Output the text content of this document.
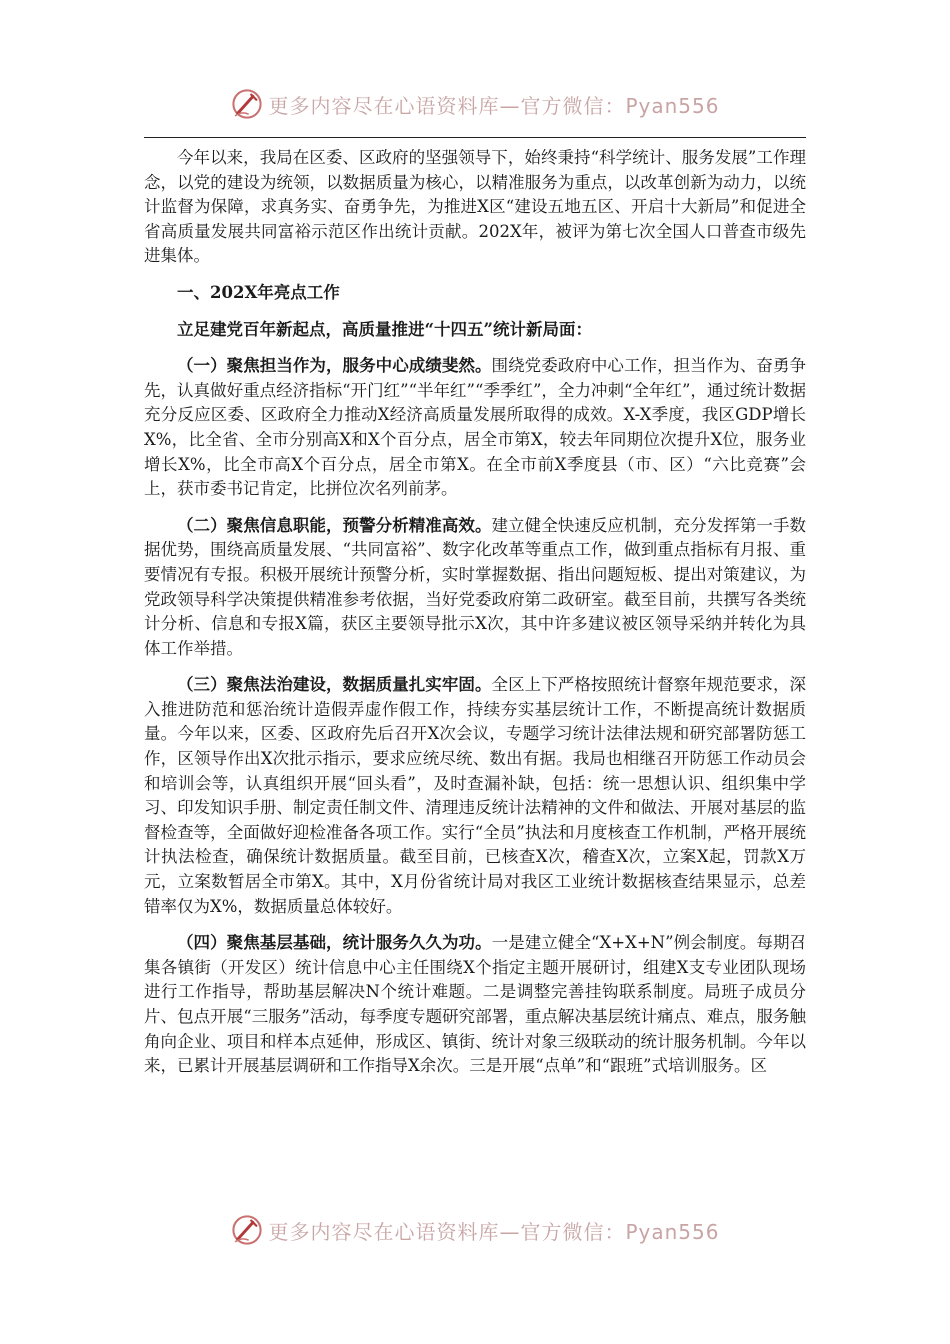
更多内容尽在心语资料库—官方微信：Pyan556

今年以来，我局在区委、区政府的坚强领导下，始终秉持“科学统计、服务发展”工作理念，以党的建设为统领，以数据质量为核心，以精准服务为重点，以改革创新为动力，以统计监督为保障，求真务实、奋勇争先，为推进X区“建设五地五区、开启十大新局”和促进全省高质量发展共同富裕示范区作出统计贡献。202X年，被评为第七次全国人口普查市级先进集体。

一、202X年亮点工作

立足建党百年新起点，高质量推进“十四五”统计新局面：

（一）聚焦担当作为，服务中心成绩斐然。围绕党委政府中心工作，担当作为、奋勇争先，认真做好重点经济指标“开门红”“半年红”“季季红”，全力冲刺“全年红”，通过统计数据充分反应区委、区政府全力推动X经济高质量发展所取得的成效。X-X季度，我区GDP增长X%，比全省、全市分别高X和X个百分点，居全市第X，较去年同期位次提升X位，服务业增长X%，比全市高X个百分点，居全市第X。在全市前X季度县（市、区）“六比竞赛”会上，获市委书记肯定，比拼位次名列前茅。

（二）聚焦信息职能，预警分析精准高效。建立健全快速反应机制，充分发挥第一手数据优势，围绕高质量发展、“共同富裕”、数字化改革等重点工作，做到重点指标有月报、重要情况有专报。积极开展统计预警分析，实时掌握数据、指出问题短板、提出对策建议，为党政领导科学决策提供精准参考依据，当好党委政府第二政研室。截至目前，共撰写各类统计分析、信息和专报X篇，获区主要领导批示X次，其中许多建议被区领导采纳并转化为具体工作举措。

（三）聚焦法治建设，数据质量扎实牢固。全区上下严格按照统计督察年规范要求，深入推进防范和惩治统计造假弄虚作假工作，持续夯实基层统计工作，不断提高统计数据质量。今年以来，区委、区政府先后召开X次会议，专题学习统计法律法规和研究部署防惩工作，区领导作出X次批示指示，要求应统尽统、数出有据。我局也相继召开防惩工作动员会和培训会等，认真组织开展“回头看”，及时查漏补缺，包括：统一思想认识、组织集中学习、印发知识手册、制定责任制文件、清理违反统计法精神的文件和做法、开展对基层的监督检查等，全面做好迎检准备各项工作。实行“全员”执法和月度核查工作机制，严格开展统计执法检查，确保统计数据质量。截至目前，已核查X次，稽查X次，立案X起，罚款X万元，立案数暂居全市第X。其中，X月份省统计局对我区工业统计数据核查结果显示，总差错率仅为X%，数据质量总体较好。

（四）聚焦基层基础，统计服务久久为功。一是建立健全“X+X+N”例会制度。每期召集各镇街（开发区）统计信息中心主任围绕X个指定主题开展研讨，组建X支专业团队现场进行工作指导，帮助基层解决N个统计难题。二是调整完善挂钩联系制度。局班子成员分片、包点开展“三服务”活动，每季度专题研究部署，重点解决基层统计痛点、难点，服务触角向企业、项目和样本点延伸，形成区、镇街、统计对象三级联动的统计服务机制。今年以来，已累计开展基层调研和工作指导X余次。三是开展“点单”和“跟班”式培训服务。区

更多内容尽在心语资料库—官方微信：Pyan556
